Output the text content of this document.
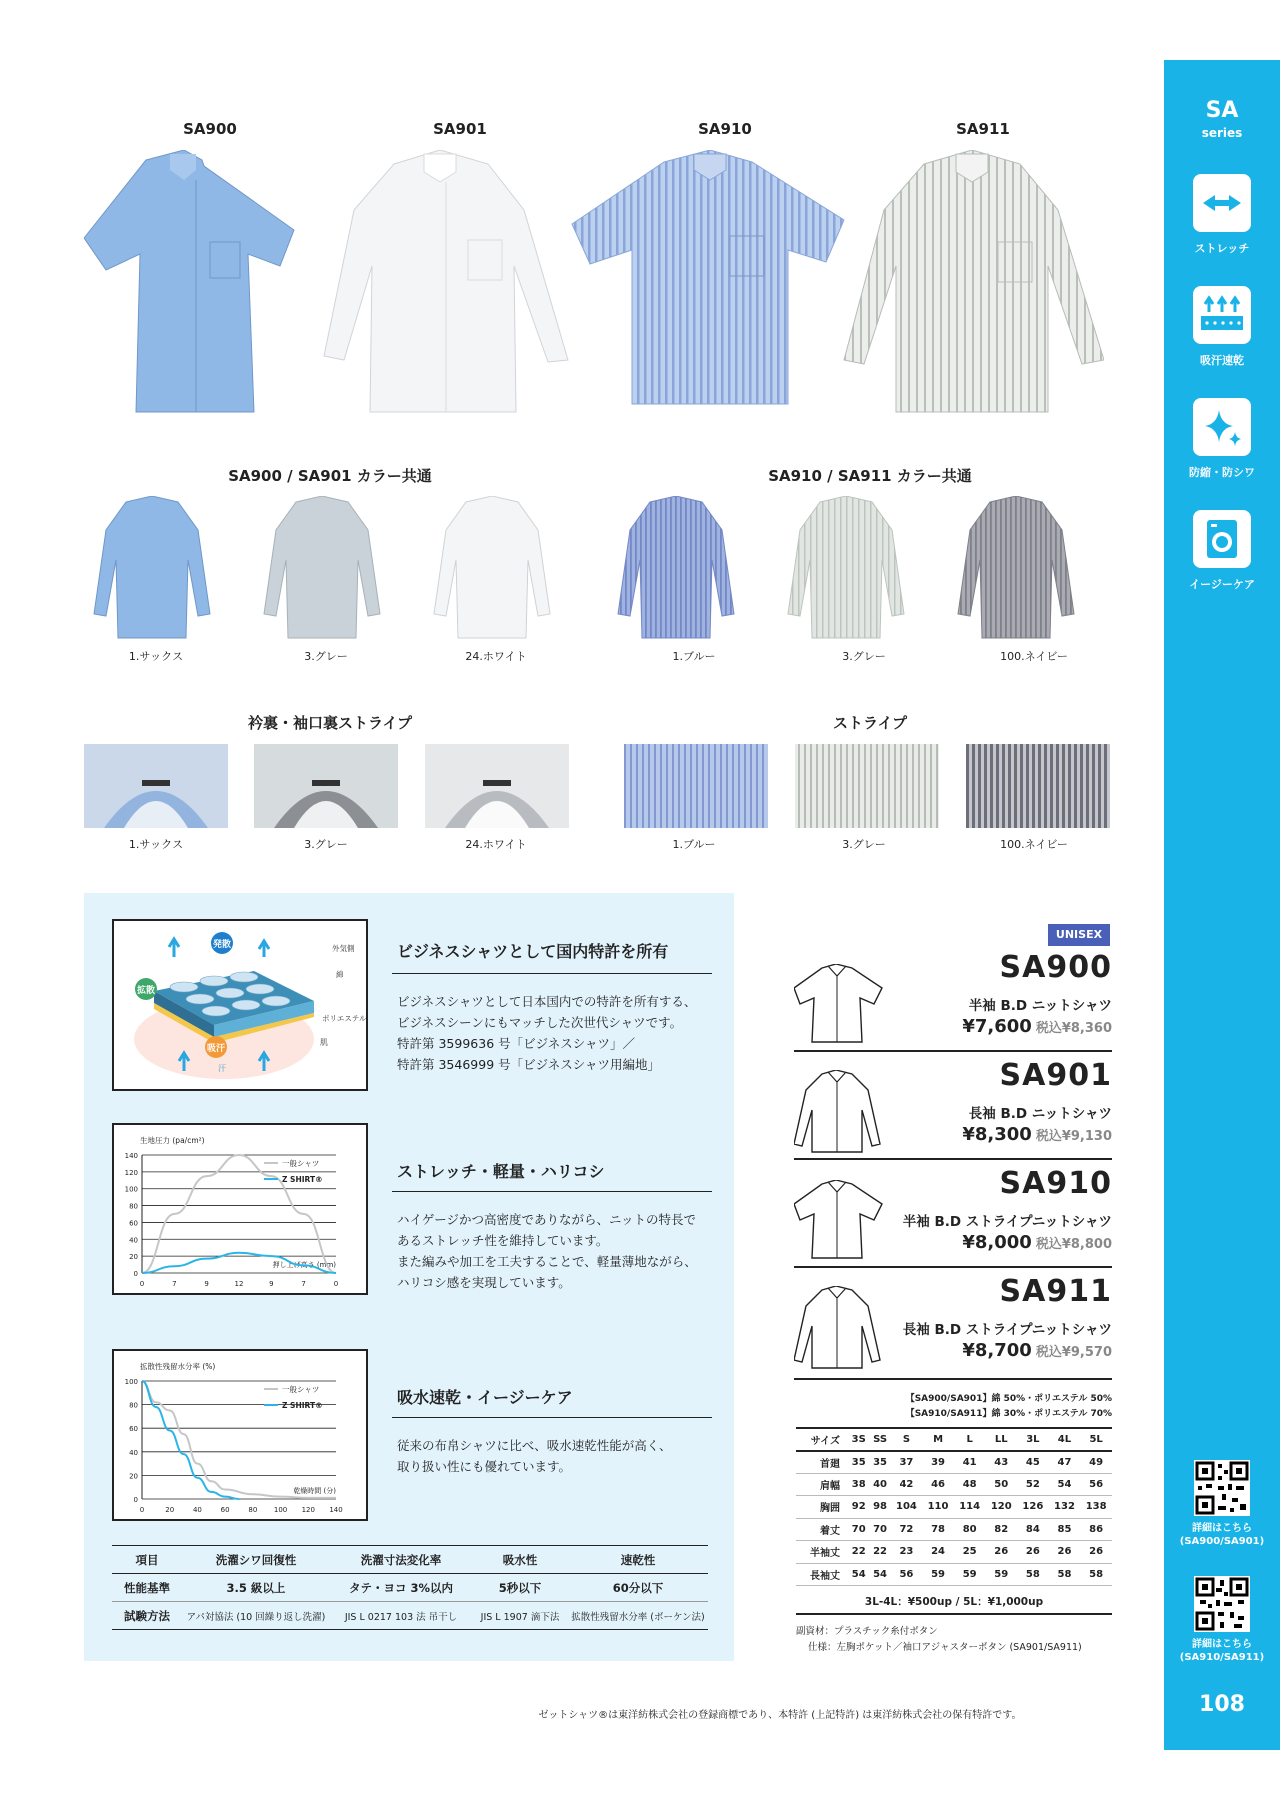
SA
series
ストレッチ
吸汗速乾
防縮・防シワ
イージーケア
詳細はこちら
(SA900/SA901)
詳細はこちら
(SA910/SA911)
108
SA900	SA901	SA910	SA911
SA900 / SA901 カラー共通	SA910 / SA911 カラー共通
1.サックス	3.グレー	24.ホワイト	1.ブルー	3.グレー	100.ネイビー
衿裏・袖口裏ストライプ	ストライプ
1.サックス	3.グレー	24.ホワイト	1.ブルー	3.グレー	100.ネイビー
発散
拡散
吸汗
汗
外気側
綿
ポリエステル
肌
ビジネスシャツとして国内特許を所有
ビジネスシャツとして日本国内での特許を所有する、
ビジネスシーンにもマッチした次世代シャツです。
特許第 3599636 号「ビジネスシャツ」／
特許第 3546999 号「ビジネスシャツ用編地」
生地圧力 (pa/cm²)
140
120
100
80
60
40
20
0
0	7	9	12	9	7	0
押し上げ高さ (mm)
一般シャツ
Z SHIRT®	ストレッチ・軽量・ハリコシ
ハイゲージかつ高密度でありながら、ニットの特長で
あるストレッチ性を維持しています。
また編みや加工を工夫することで、軽量薄地ながら、
ハリコシ感を実現しています。
拡散性残留水分率 (%)
100
80
60
40
20
0
0	20	40	60	80 100 120 140
乾燥時間 (分)
一般シャツ
Z SHIRT®	吸水速乾・イージーケア
従来の布帛シャツに比べ、吸水速乾性能が高く、
取り扱い性にも優れています。
項目	洗濯シワ回復性	洗濯寸法変化率	吸水性	速乾性
性能基準	3.5 級以上	タテ・ヨコ 3%以内	5秒以下	60分以下
試験方法	アパ対協法 (10 回繰り返し洗濯)	JIS L 0217 103 法 吊干し	JIS L 1907 滴下法	拡散性残留水分率 (ボーケン法)
UNISEX
SA900
半袖 B.D ニットシャツ
¥7,600 税込¥8,360
SA901
長袖 B.D ニットシャツ
¥8,300 税込¥9,130
SA910
半袖 B.D ストライプニットシャツ
¥8,000 税込¥8,800
SA911
長袖 B.D ストライプニットシャツ
¥8,700 税込¥9,570
【SA900/SA901】綿 50%・ポリエステル 50%
【SA910/SA911】綿 30%・ポリエステル 70%
サイズ	3S	SS	S	M	L	LL	3L	4L	5L
首廻	35	35	37	39	41	43	45	47	49
肩幅	38	40	42	46	48	50	52	54	56
胸囲	92	98	104	110	114	120	126	132	138
着丈	70	70	72	78	80	82	84	85	86
半袖丈	22	22	23	24	25	26	26	26	26
長袖丈	54	54	56	59	59	59	58	58	58
3L-4L：¥500up / 5L：¥1,000up
副資材：プラスチック糸付ボタン
仕様：左胸ポケット／袖口アジャスターボタン (SA901/SA911)
ゼットシャツ®は東洋紡株式会社の登録商標であり、本特許 (上記特許) は東洋紡株式会社の保有特許です。
